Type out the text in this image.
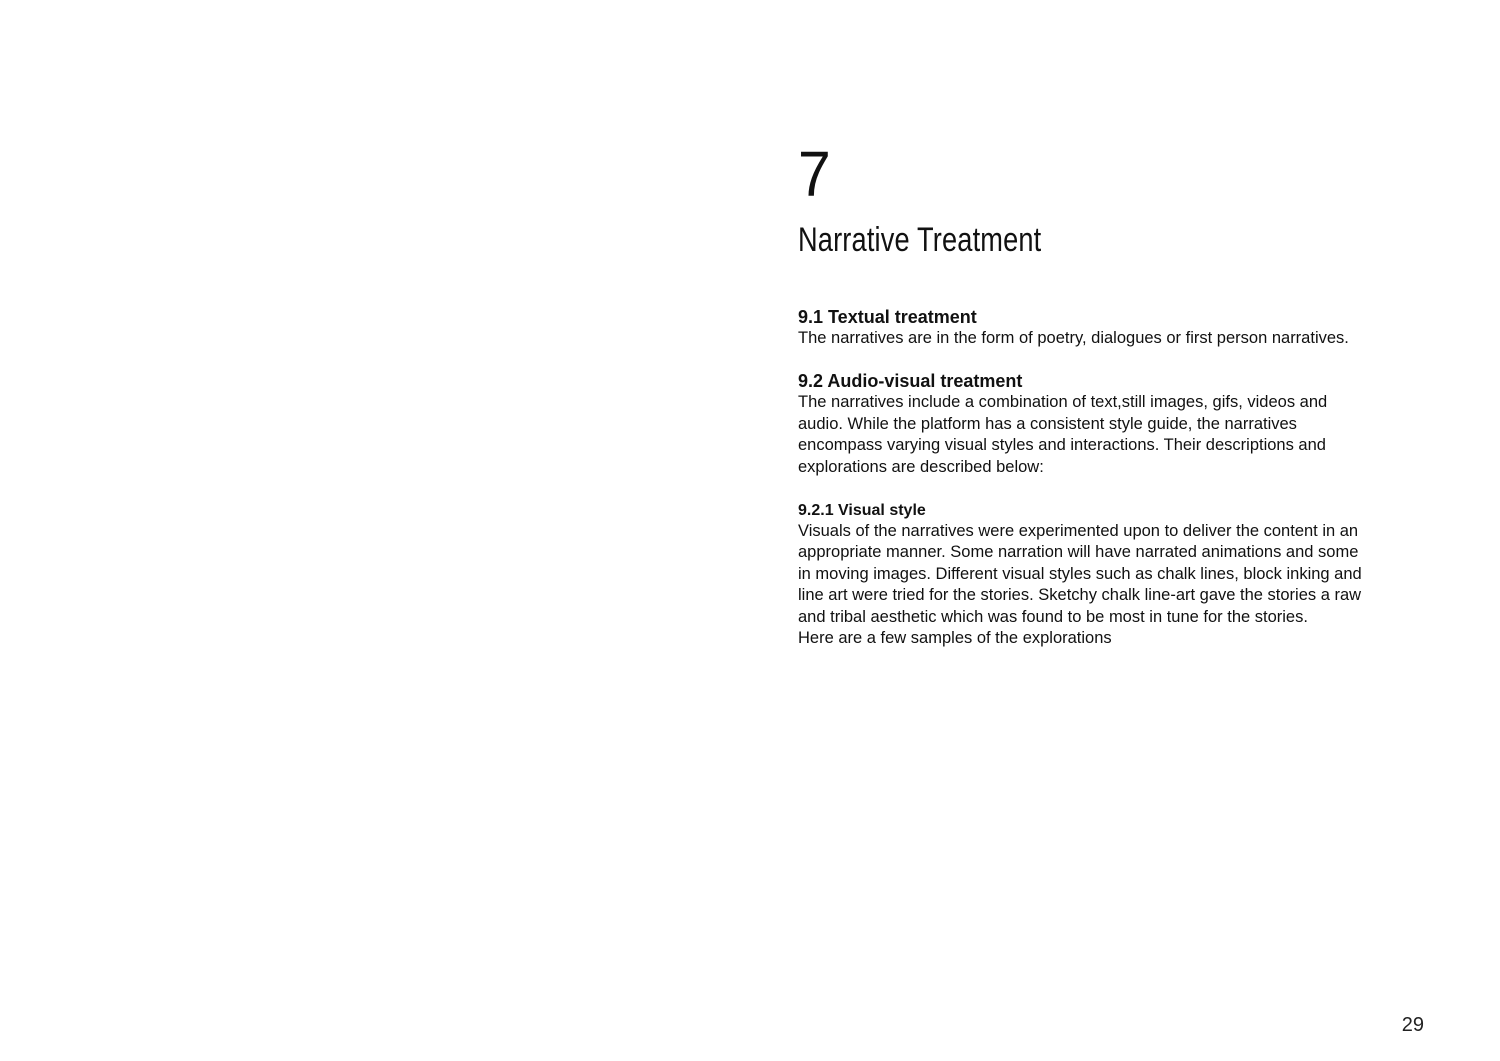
7
Narrative Treatment
9.1 Textual treatment

The narratives are in the form of poetry, dialogues or first person narratives.

9.2 Audio-visual treatment

The narratives include a combination of text,still images, gifs, videos and
audio. While the platform has a consistent style guide, the narratives
encompass varying visual styles and interactions. Their descriptions and
explorations are described below:

9.2.1 Visual style

Visuals of the narratives were experimented upon to deliver the content in an
appropriate manner. Some narration will have narrated animations and some
in moving images. Different visual styles such as chalk lines, block inking and
line art were tried for the stories. Sketchy chalk line-art gave the stories a raw
and tribal aesthetic which was found to be most in tune for the stories.
Here are a few samples of the explorations

29
